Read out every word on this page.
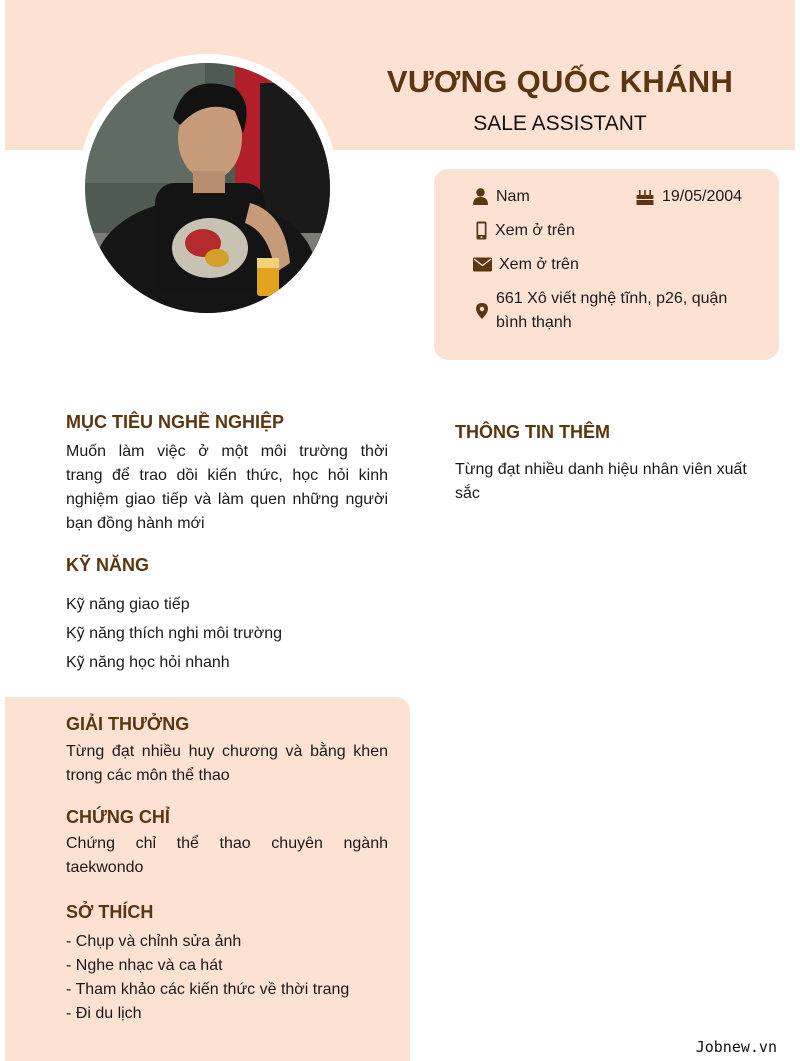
VƯƠNG QUỐC KHÁNH
SALE ASSISTANT
Nam	19/05/2004
Xem ở trên
Xem ở trên
661 Xô viết nghệ tĩnh, p26, quận
bình thạnh
MỤC TIÊU NGHỀ NGHIỆP
Muốn làm việc ở một môi trường thời
trang để trao dồi kiến thức, học hỏi kinh
nghiệm giao tiếp và làm quen những người
bạn đồng hành mới
KỸ NĂNG
Kỹ năng giao tiếp
Kỹ năng thích nghi môi trường
Kỹ năng học hỏi nhanh
THÔNG TIN THÊM
Từng đạt nhiều danh hiệu nhân viên xuất
sắc
GIẢI THƯỞNG
Từng đạt nhiều huy chương và bằng khen
trong các môn thể thao
CHỨNG CHỈ
Chứng chỉ thể thao chuyên ngành
taekwondo
SỞ THÍCH
- Chụp và chỉnh sửa ảnh
- Nghe nhạc và ca hát
- Tham khảo các kiến thức về thời trang
- Đi du lịch
Jobnew.vn
